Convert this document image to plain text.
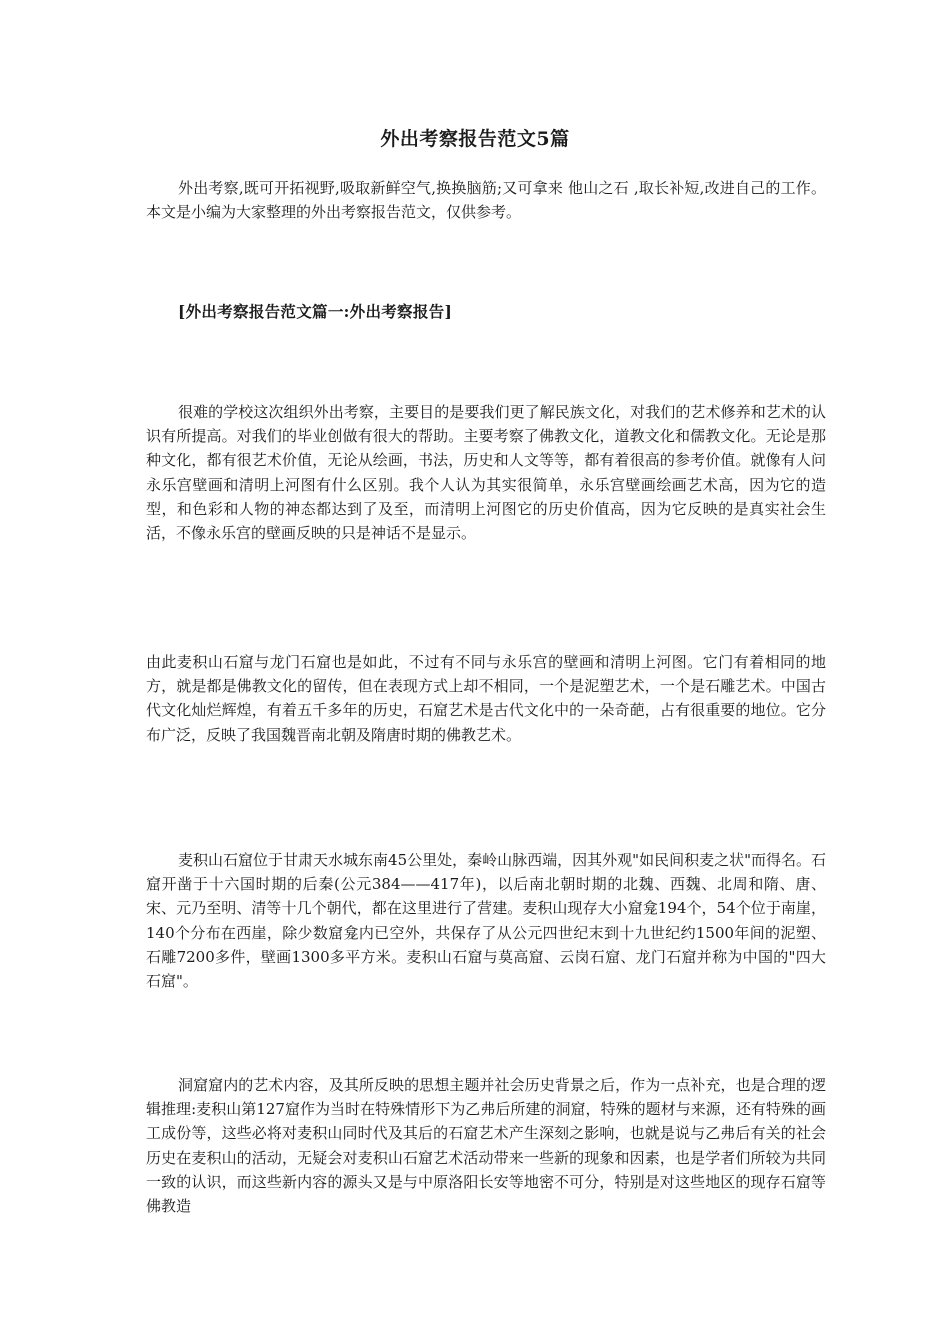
外出考察报告范文5篇

外出考察,既可开拓视野,吸取新鲜空气,换换脑筋;又可拿来 他山之石 ,取长补短,改进自己的工作。本文是小编为大家整理的外出考察报告范文，仅供参考。

[外出考察报告范文篇一:外出考察报告]

很难的学校这次组织外出考察，主要目的是要我们更了解民族文化，对我们的艺术修养和艺术的认识有所提高。对我们的毕业创做有很大的帮助。主要考察了佛教文化，道教文化和儒教文化。无论是那种文化，都有很艺术价值，无论从绘画，书法，历史和人文等等，都有着很高的参考价值。就像有人问永乐宫壁画和清明上河图有什么区别。我个人认为其实很简单，永乐宫壁画绘画艺术高，因为它的造型，和色彩和人物的神态都达到了及至，而清明上河图它的历史价值高，因为它反映的是真实社会生活，不像永乐宫的壁画反映的只是神话不是显示。

由此麦积山石窟与龙门石窟也是如此，不过有不同与永乐宫的壁画和清明上河图。它门有着相同的地方，就是都是佛教文化的留传，但在表现方式上却不相同，一个是泥塑艺术，一个是石雕艺术。中国古代文化灿烂辉煌，有着五千多年的历史，石窟艺术是古代文化中的一朵奇葩，占有很重要的地位。它分布广泛，反映了我国魏晋南北朝及隋唐时期的佛教艺术。

麦积山石窟位于甘肃天水城东南45公里处，秦岭山脉西端，因其外观"如民间积麦之状"而得名。石窟开凿于十六国时期的后秦(公元384——417年)，以后南北朝时期的北魏、西魏、北周和隋、唐、宋、元乃至明、清等十几个朝代，都在这里进行了营建。麦积山现存大小窟龛194个，54个位于南崖，140个分布在西崖，除少数窟龛内已空外，共保存了从公元四世纪末到十九世纪约1500年间的泥塑、石雕7200多件，壁画1300多平方米。麦积山石窟与莫高窟、云岗石窟、龙门石窟并称为中国的"四大石窟"。

洞窟窟内的艺术内容，及其所反映的思想主题并社会历史背景之后，作为一点补充，也是合理的逻辑推理:麦积山第127窟作为当时在特殊情形下为乙弗后所建的洞窟，特殊的题材与来源，还有特殊的画工成份等，这些必将对麦积山同时代及其后的石窟艺术产生深刻之影响，也就是说与乙弗后有关的社会历史在麦积山的活动，无疑会对麦积山石窟艺术活动带来一些新的现象和因素，也是学者们所较为共同一致的认识，而这些新内容的源头又是与中原洛阳长安等地密不可分，特别是对这些地区的现存石窟等佛教造
